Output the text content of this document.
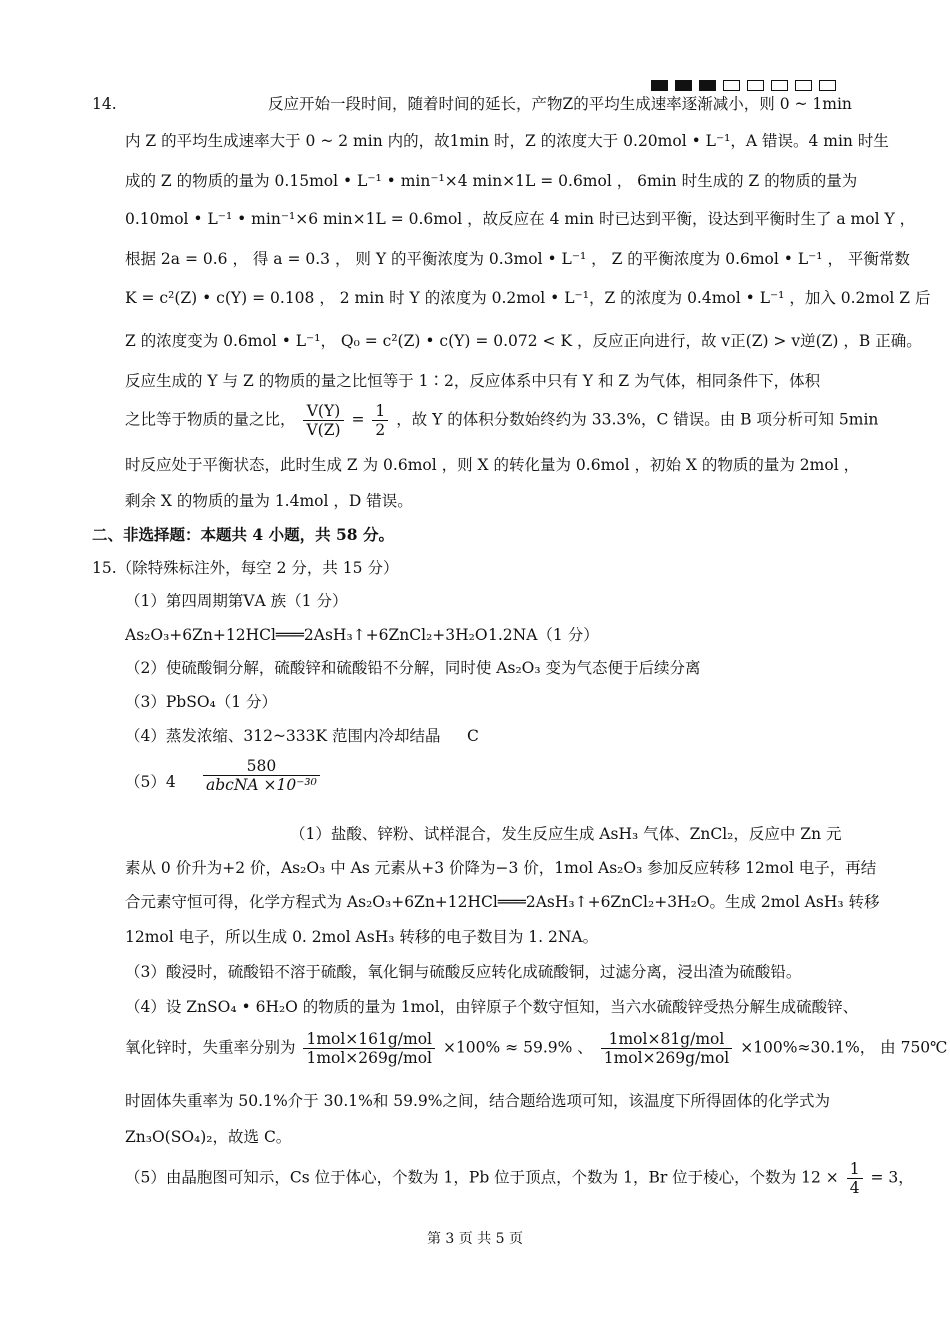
14.	反应开始一段时间，随着时间的延长，产物Z的平均生成速率逐渐减小，则 0 ~ 1min
内 Z 的平均生成速率大于 0 ~ 2 min 内的，故1min 时，Z 的浓度大于 0.20mol • L⁻¹，A 错误。4 min 时生
成的 Z 的物质的量为 0.15mol • L⁻¹ • min⁻¹×4 min×1L = 0.6mol ， 6min 时生成的 Z 的物质的量为
0.10mol • L⁻¹ • min⁻¹×6 min×1L = 0.6mol ，故反应在 4 min 时已达到平衡，设达到平衡时生了 a mol Y ，
根据 2a = 0.6 ， 得 a = 0.3 ， 则 Y 的平衡浓度为 0.3mol • L⁻¹ ， Z 的平衡浓度为 0.6mol • L⁻¹ ， 平衡常数
K = c²(Z) • c(Y) = 0.108 ， 2 min 时 Y 的浓度为 0.2mol • L⁻¹，Z 的浓度为 0.4mol • L⁻¹ ，加入 0.2mol Z 后
Z 的浓度变为 0.6mol • L⁻¹， Q₀ = c²(Z) • c(Y) = 0.072 < K ，反应正向进行，故 v正(Z) > v逆(Z) ，B 正确。
反应生成的 Y 与 Z 的物质的量之比恒等于 1∶2，反应体系中只有 Y 和 Z 为气体，相同条件下，体积
之比等于物质的量之比， $\frac{V(Y)}{V(Z)} = \frac{1}{2}$ ，故 Y 的体积分数始终约为 33.3%，C 错误。由 B 项分析可知 5min
时反应处于平衡状态，此时生成 Z 为 0.6mol ，则 X 的转化量为 0.6mol ，初始 X 的物质的量为 2mol ，
剩余 X 的物质的量为 1.4mol ，D 错误。
二、非选择题：本题共 4 小题，共 58 分。
15.（除特殊标注外，每空 2 分，共 15 分）
（1）第四周期第ⅤA 族（1 分）
As₂O₃+6Zn+12HCl═══2AsH₃↑+6ZnCl₂+3H₂O 1.2NA（1 分）
（2）使硫酸铜分解，硫酸锌和硫酸铅不分解，同时使 As₂O₃ 变为气态便于后续分离
（3）PbSO₄（1 分）
（4）蒸发浓缩、312~333K 范围内冷却结晶 C
$(5)4 \frac{580}{\text{abcNA ×10⁻³⁰}}$
（1）盐酸、锌粉、试样混合，发生反应生成 AsH₃ 气体、ZnCl₂，反应中 Zn 元
素从 0 价升为+2 价，As₂O₃ 中 As 元素从+3 价降为−3 价，1mol As₂O₃ 参加反应转移 12mol 电子，再结
合元素守恒可得，化学方程式为 As₂O₃+6Zn+12HCl═══2AsH₃↑+6ZnCl₂+3H₂O。生成 2mol AsH₃ 转移
12mol 电子，所以生成 0. 2mol AsH₃ 转移的电子数目为 1. 2NA。
（3）酸浸时，硫酸铅不溶于硫酸，氧化铜与硫酸反应转化成硫酸铜，过滤分离，浸出渣为硫酸铅。
（4）设 ZnSO₄ • 6H₂O 的物质的量为 1mol，由锌原子个数守恒知，当六水硫酸锌受热分解生成硫酸锌、
氧化锌时，失重率分别为 $\frac{\text{1mol×161g/mol}}{\text{1mol×269g/mol}} \times 100\% \approx 59.9\%$ 、 $\frac{\text{1mol×81g/mol}}{\text{1mol×269g/mol}} \times 100\%\approx 30.1\%$， 由 750℃
时固体失重率为 50.1%介于 30.1%和 59.9%之间，结合题给选项可知，该温度下所得固体的化学式为
Zn₃O(SO₄)₂，故选 C。
（5）由晶胞图可知示，Cs 位于体心，个数为 1，Pb 位于顶点，个数为 1，Br 位于棱心，个数为 $12 \times \frac{1}{4} = 3$，
第 3 页 共 5 页
